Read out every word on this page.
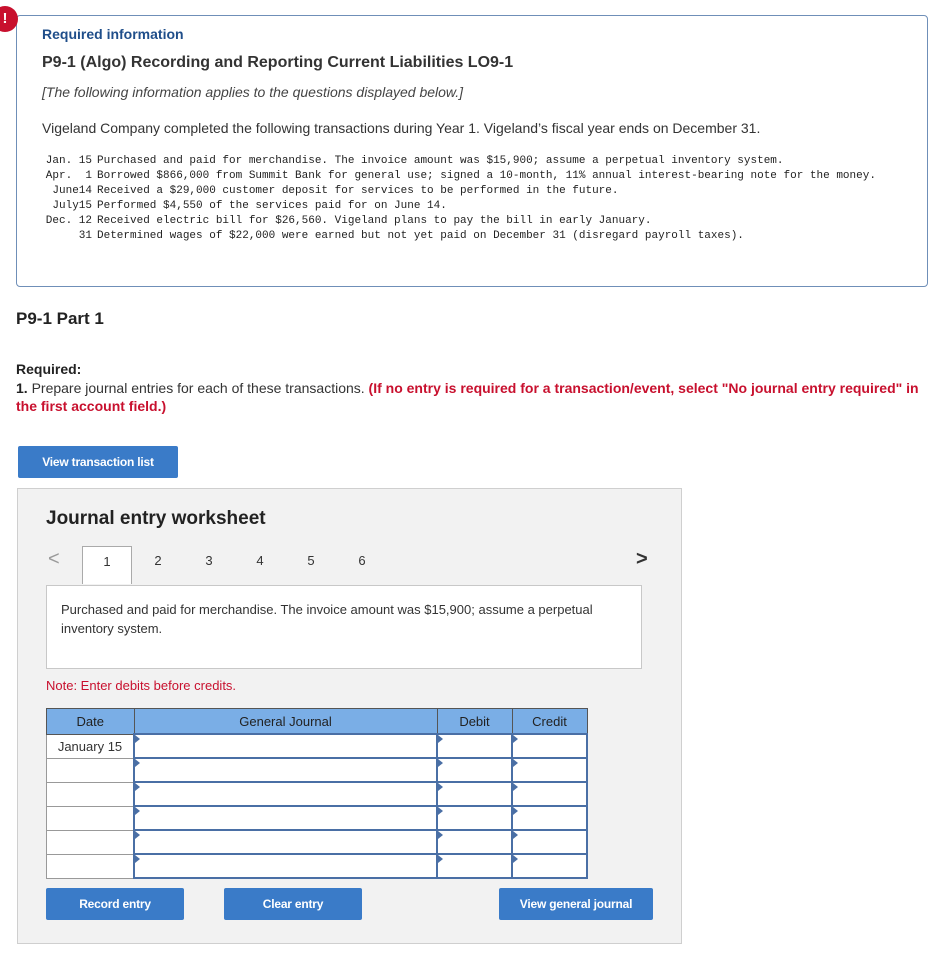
!
Required information
P9-1 (Algo) Recording and Reporting Current Liabilities LO9-1
[The following information applies to the questions displayed below.]
Vigeland Company completed the following transactions during Year 1. Vigeland’s fiscal year ends on December 31.
Jan. 15 Purchased and paid for merchandise. The invoice amount was $15,900; assume a perpetual inventory system.
Apr.  1 Borrowed $866,000 from Summit Bank for general use; signed a 10-month, 11% annual interest-bearing note for the money.
June14 Received a $29,000 customer deposit for services to be performed in the future.
July15 Performed $4,550 of the services paid for on June 14.
Dec. 12 Received electric bill for $26,560. Vigeland plans to pay the bill in early January.
31 Determined wages of $22,000 were earned but not yet paid on December 31 (disregard payroll taxes).
P9-1 Part 1
Required:
1. Prepare journal entries for each of these transactions. (If no entry is required for a transaction/event, select "No journal entry required" in the first account field.)
View transaction list
Journal entry worksheet
<	1	2	3	4	5	6	>
Purchased and paid for merchandise. The invoice amount was $15,900; assume a perpetual inventory system.
Note: Enter debits before credits.
Date	General Journal	Debit	Credit
January 15			

Record entry	Clear entry	View general journal
